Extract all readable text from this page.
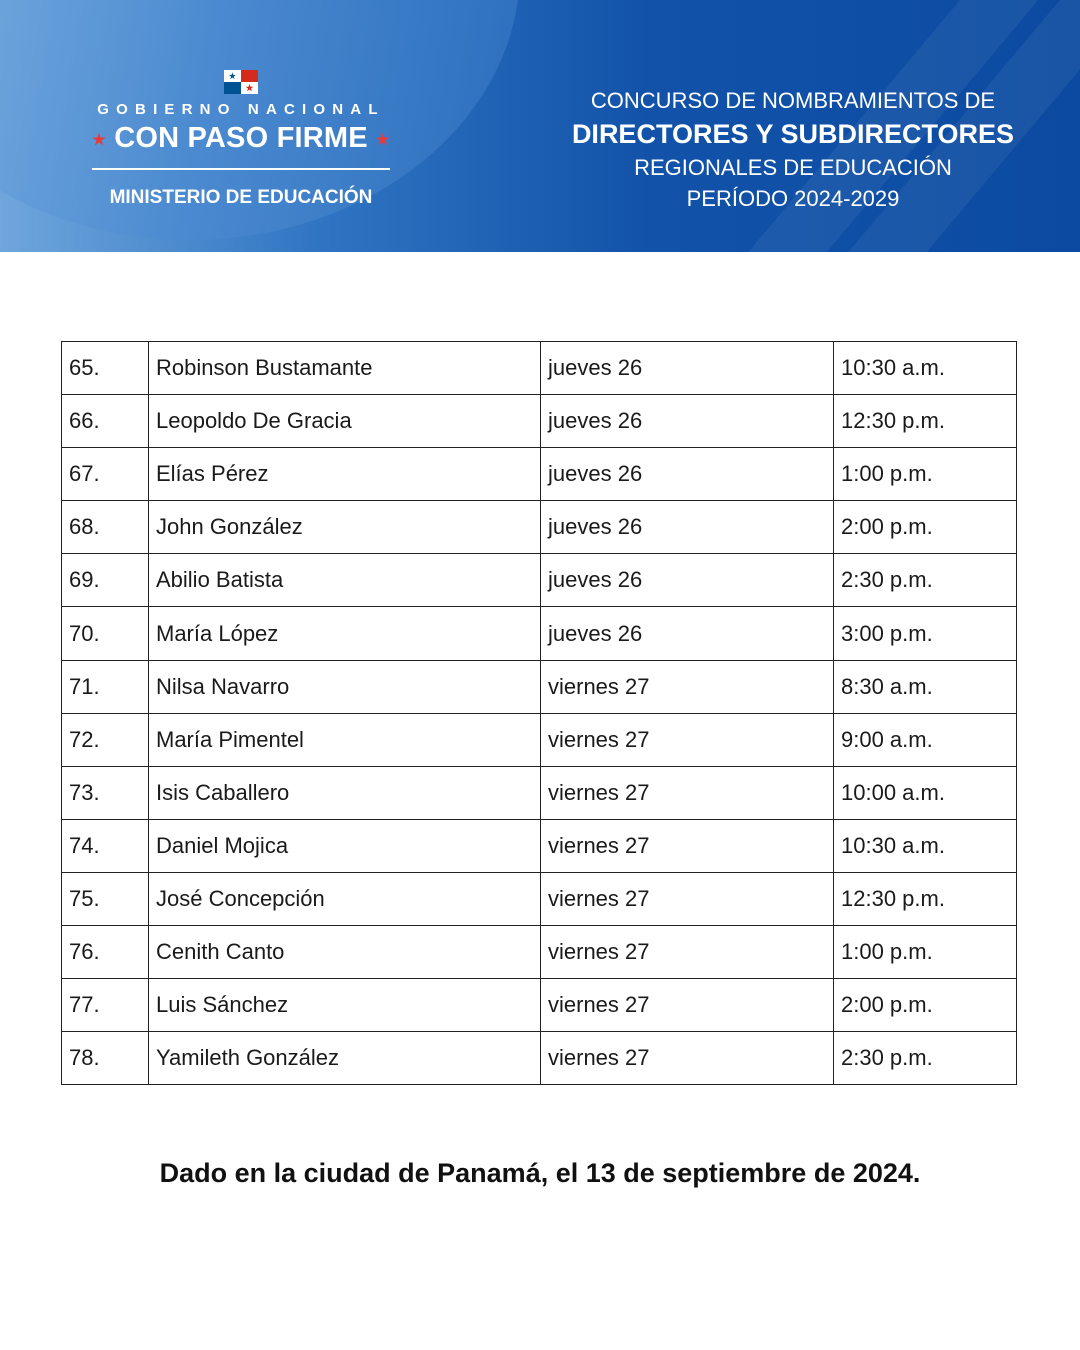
GOBIERNO NACIONAL
★ CON PASO FIRME ★
MINISTERIO DE EDUCACIÓN
CONCURSO DE NOMBRAMIENTOS DE
DIRECTORES Y SUBDIRECTORES
REGIONALES DE EDUCACIÓN
PERÍODO 2024-2029
65.	Robinson Bustamante	jueves 26	10:30 a.m.
66.	Leopoldo De Gracia	jueves 26	12:30 p.m.
67.	Elías Pérez	jueves 26	1:00 p.m.
68.	John González	jueves 26	2:00 p.m.
69.	Abilio Batista	jueves 26	2:30 p.m.
70.	María López	jueves 26	3:00 p.m.
71.	Nilsa Navarro	viernes 27	8:30 a.m.
72.	María Pimentel	viernes 27	9:00 a.m.
73.	Isis Caballero	viernes 27	10:00 a.m.
74.	Daniel Mojica	viernes 27	10:30 a.m.
75.	José Concepción	viernes 27	12:30 p.m.
76.	Cenith Canto	viernes 27	1:00 p.m.
77.	Luis Sánchez	viernes 27	2:00 p.m.
78.	Yamileth González	viernes 27	2:30 p.m.
Dado en la ciudad de Panamá, el 13 de septiembre de 2024.
